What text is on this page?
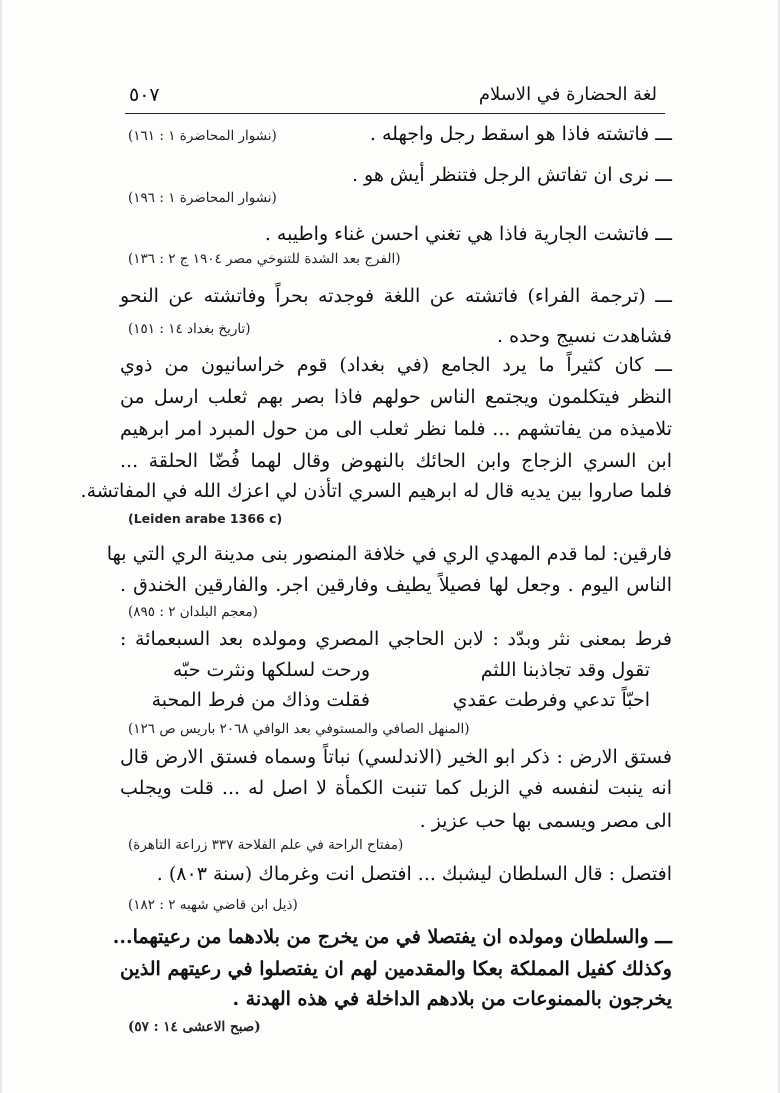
٥٠٧	لغة الحضارة في الاسلام
ـــ فاتشته فاذا هو اسقط رجل واجهله .
(نشوار المحاضرة ١ : ١٦١)
ـــ نرى ان تفاتش الرجل فتنظر أيش هو .
(نشوار المحاضرة ١ : ١٩٦)
ـــ فاتشت الجارية فاذا هي تغني احسن غناء واطيبه .
(الفرج بعد الشدة للتنوخي مصر ١٩٠٤ ج ٢ : ١٣٦)
ـــ (ترجمة الفراء) فاتشته عن اللغة فوجدته بحراً وفاتشته عن النحو
فشاهدت نسيج وحده .
(تاريخ بغداد ١٤ : ١٥١)
ـــ كان كثيراً ما يرد الجامع (في بغداد) قوم خراسانيون من ذوي
النظر فيتكلمون ويجتمع الناس حولهم فاذا بصر بهم ثعلب ارسل من
تلاميذه من يفاتشهم ... فلما نظر ثعلب الى من حول المبرد امر ابرهيم
ابن السري الزجاج وابن الحائك بالنهوض وقال لهما فُضّا الحلقة ...
فلما صاروا بين يديه قال له ابرهيم السري اتأذن لي اعزك الله في المفاتشة.
(Leiden arabe 1366 c)
فارقين: لما قدم المهدي الري في خلافة المنصور بنى مدينة الري التي بها
الناس اليوم . وجعل لها فصيلاً يطيف وفارقين اجر. والفارقين الخندق .
(معجم البلدان ٢ : ٨٩٥)
فرط بمعنى نثر وبدّد : لابن الحاجي المصري ومولده بعد السبعمائة :
تقول وقد تجاذبنا اللثم
ورحت لسلكها ونثرت حبّه
احبّاً تدعي وفرطت عقدي
فقلت وذاك من فرط المحبة
(المنهل الصافي والمستوفي بعد الوافي ٢٠٦٨ باريس ص ١٢٦)
فستق الارض : ذكر ابو الخير (الاندلسي) نباتاً وسماه فستق الارض قال
انه ينبت لنفسه في الزبل كما تنبت الكمأة لا اصل له ... قلت ويجلب
الى مصر ويسمى بها حب عزيز .
(مفتاح الراحة في علم الفلاحة ٣٣٧ زراعة التاهرة)
افتصل : قال السلطان ليشبك ... افتصل انت وغرماك (سنة ٨٠٣) .
(ذيل ابن قاضي شهبه ٢ : ١٨٢)
ـــ والسلطان ومولده ان يفتصلا في من يخرج من بلادهما من رعيتهما...
وكذلك كفيل المملكة بعكا والمقدمين لهم ان يفتصلوا في رعيتهم الذين
يخرجون بالممنوعات من بلادهم الداخلة في هذه الهدنة .
(صبح الاعشى ١٤ : ٥٧)
